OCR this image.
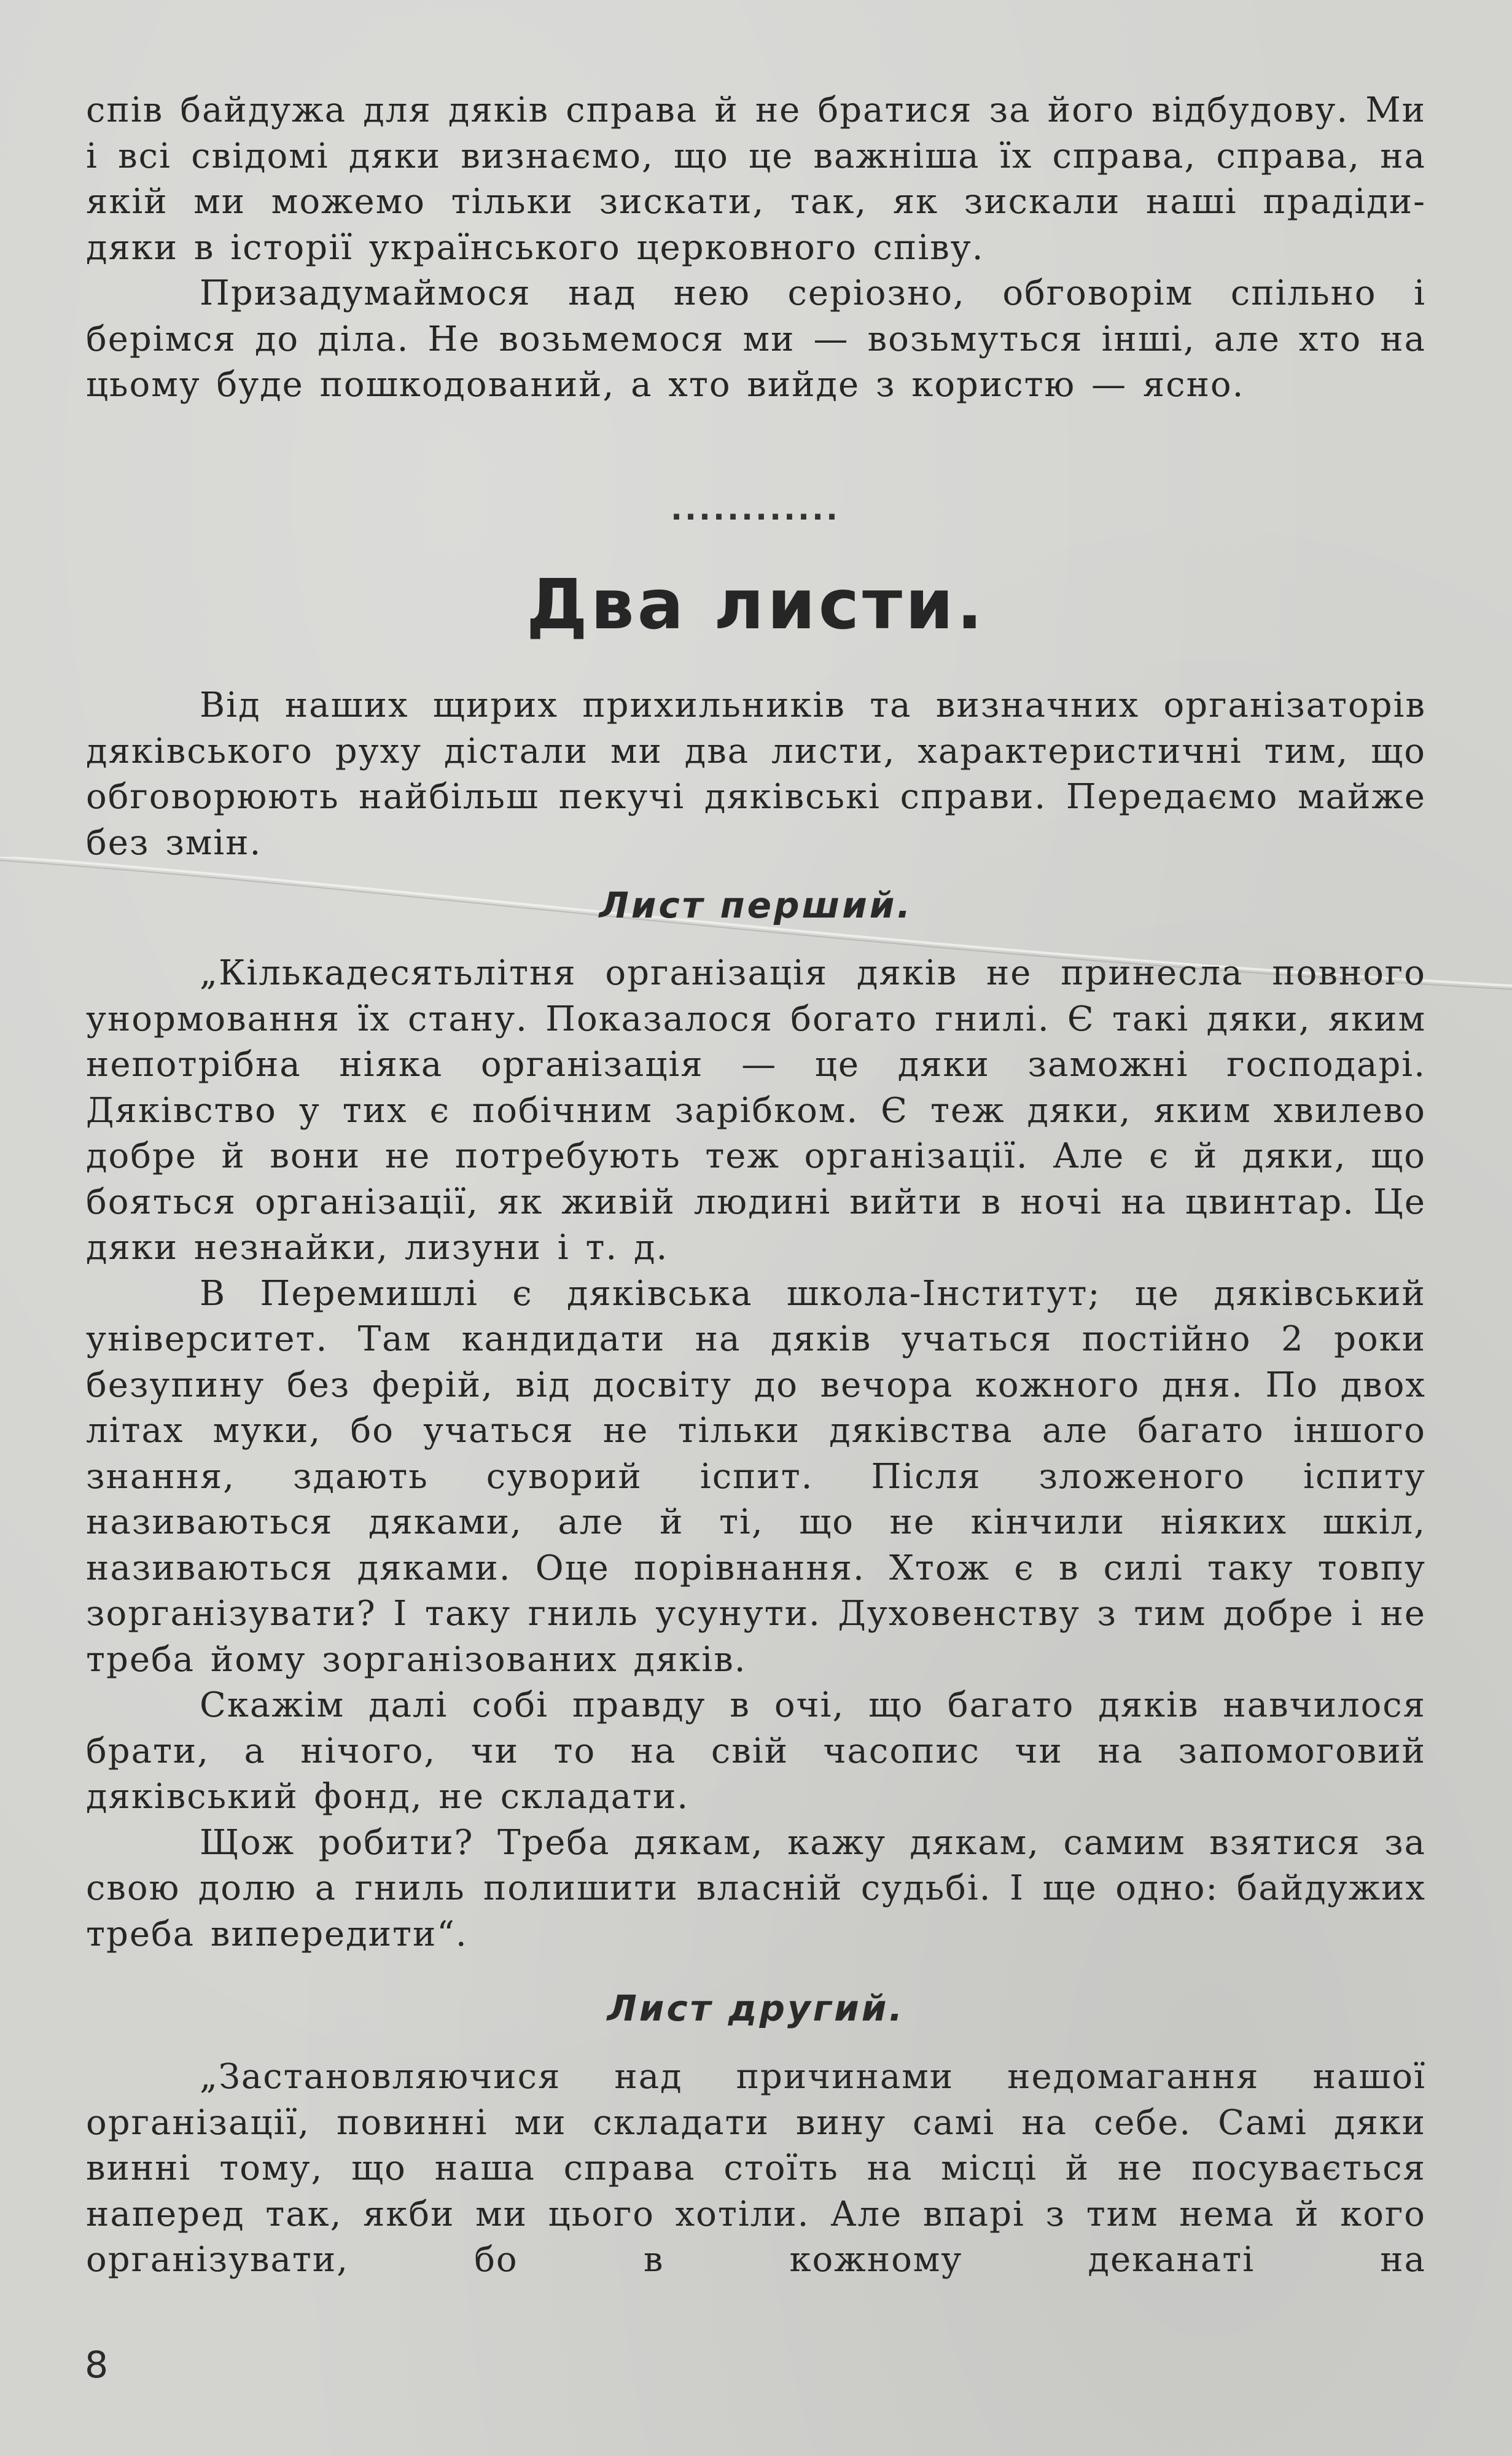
спів байдужа для дяків справа й не братися за його відбудову. Ми і всі свідомі дяки визнаємо, що це важніша їх справа, справа, на якій ми можемо тільки зискати, так, як зискали наші прадіди-дяки в історії українського церковного співу.

Призадумаймося над нею серіозно, обговорім спільно і берімся до діла. Не возьмемося ми — возьмуться інші, але хто на цьому буде пошкодований, а хто вийде з користю — ясно.

............
Два листи.

Від наших щирих прихильників та визначних організаторів дяківського руху дістали ми два листи, характеристичні тим, що обговорюють найбільш пекучі дяківські справи. Передаємо майже без змін.

Лист перший.

„Кількадесятьлітня організація дяків не принесла повного унормовання їх стану. Показалося богато гнилі. Є такі дяки, яким непотрібна ніяка організація — це дяки заможні господарі. Дяківство у тих є побічним зарібком. Є теж дяки, яким хвилево добре й вони не потребують теж організації. Але є й дяки, що бояться організації, як живій людині вийти в ночі на цвинтар. Це дяки незнайки, лизуни і т. д.

В Перемишлі є дяківська школа-Інститут; це дяківський університет. Там кандидати на дяків учаться постійно 2 роки безупину без ферій, від досвіту до вечора кожного дня. По двох літах муки, бо учаться не тільки дяківства але багато іншого знання, здають суворий іспит. Після зложеного іспиту називаються дяками, але й ті, що не кінчили ніяких шкіл, називаються дяками. Оце порівнання. Хтож є в силі таку товпу зорганізувати? І таку гниль усунути. Духовенству з тим добре і не треба йому зорганізованих дяків.

Скажім далі собі правду в очі, що багато дяків навчилося брати, а нічого, чи то на свій часопис чи на запомоговий дяківський фонд, не складати.

Щож робити? Треба дякам, кажу дякам, самим взятися за свою долю а гниль полишити власній судьбі. І ще одно: байдужих треба випередити“.

Лист другий.

„Застановляючися над причинами недомагання нашої організації, повинні ми складати вину самі на себе. Самі дяки винні тому, що наша справа стоїть на місці й не посувається наперед так, якби ми цього хотіли. Але впарі з тим нема й кого організувати, бо в кожному деканаті на

8
